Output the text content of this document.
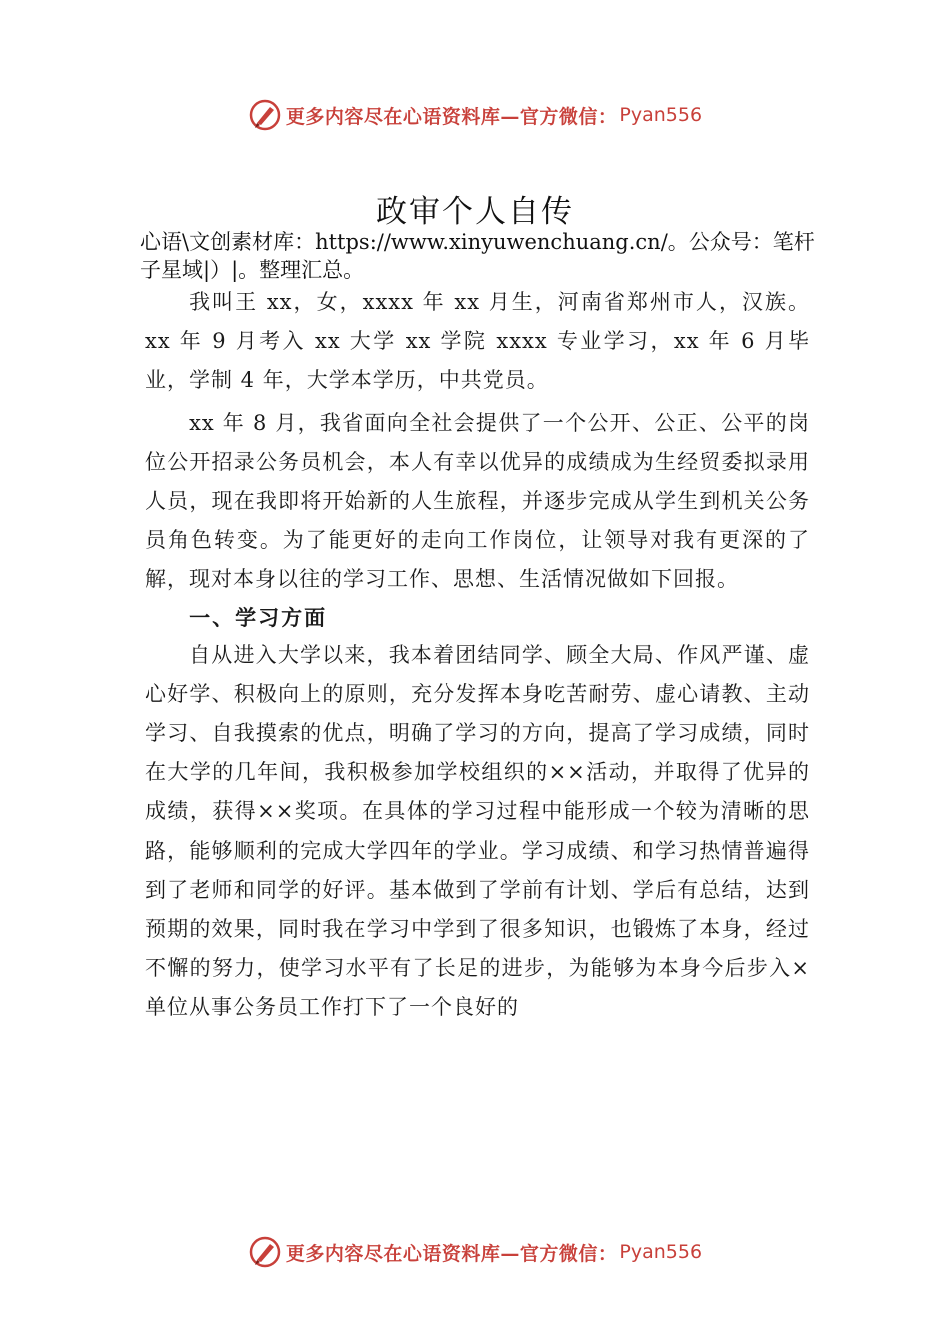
更多内容尽在心语资料库—官方微信： Pyan556
政审个人自传
心语\文创素材库：https://www.xinyuwenchuang.cn/。公众号：笔杆子星域|）|。整理汇总。

我叫王 xx，女，xxxx 年 xx 月生，河南省郑州市人，汉族。xx 年 9 月考入 xx 大学 xx 学院 xxxx 专业学习，xx 年 6 月毕业，学制 4 年，大学本学历，中共党员。

xx 年 8 月，我省面向全社会提供了一个公开、公正、公平的岗位公开招录公务员机会，本人有幸以优异的成绩成为生经贸委拟录用人员，现在我即将开始新的人生旅程，并逐步完成从学生到机关公务员角色转变。为了能更好的走向工作岗位，让领导对我有更深的了解，现对本身以往的学习工作、思想、生活情况做如下回报。

一、学习方面

自从进入大学以来，我本着团结同学、顾全大局、作风严谨、虚心好学、积极向上的原则，充分发挥本身吃苦耐劳、虚心请教、主动学习、自我摸索的优点，明确了学习的方向，提高了学习成绩，同时在大学的几年间，我积极参加学校组织的××活动，并取得了优异的成绩，获得××奖项。在具体的学习过程中能形成一个较为清晰的思路，能够顺利的完成大学四年的学业。学习成绩、和学习热情普遍得到了老师和同学的好评。基本做到了学前有计划、学后有总结，达到预期的效果，同时我在学习中学到了很多知识，也锻炼了本身，经过不懈的努力，使学习水平有了长足的进步，为能够为本身今后步入×单位从事公务员工作打下了一个良好的

更多内容尽在心语资料库—官方微信： Pyan556
